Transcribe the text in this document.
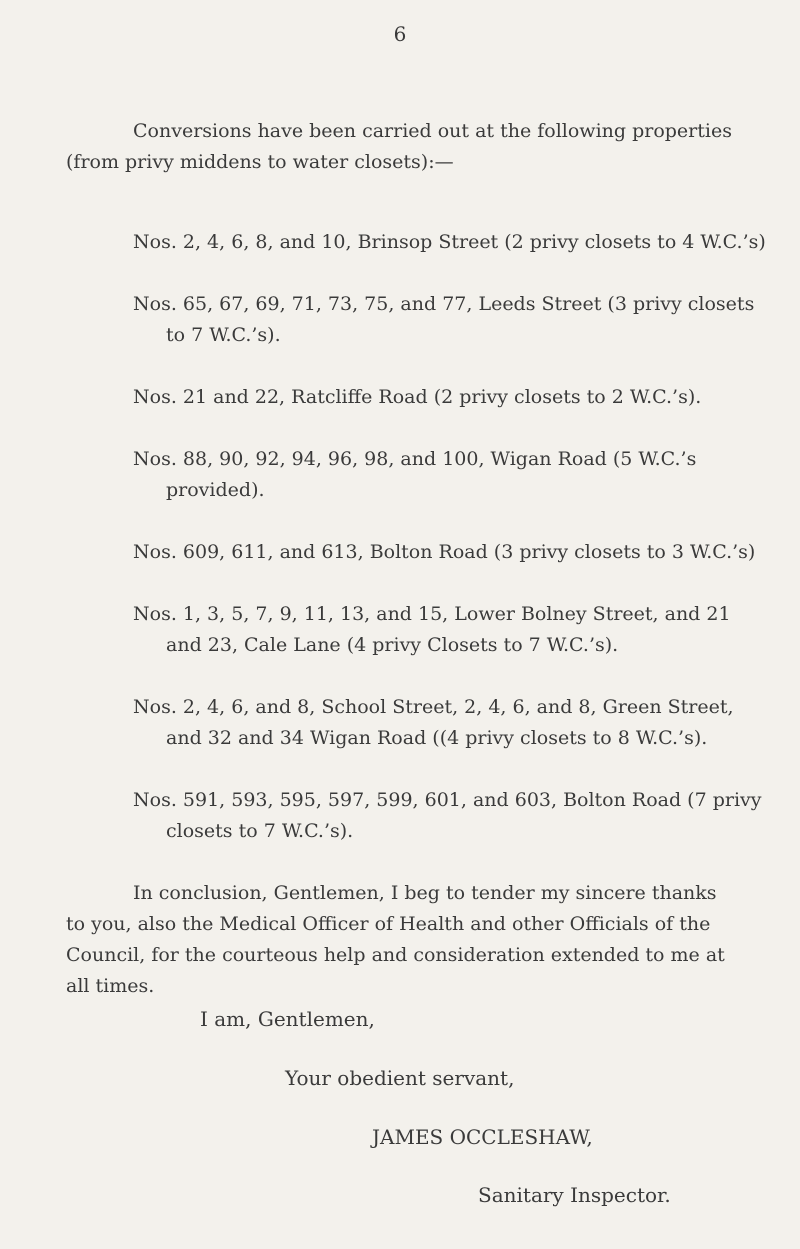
6
Conversions have been carried out at the following properties (from privy middens to water closets):—
Nos. 2, 4, 6, 8, and 10, Brinsop Street (2 privy closets to 4 W.C.’s)
Nos. 65, 67, 69, 71, 73, 75, and 77, Leeds Street (3 privy closets to 7 W.C.’s).
Nos. 21 and 22, Ratcliffe Road (2 privy closets to 2 W.C.’s).
Nos. 88, 90, 92, 94, 96, 98, and 100, Wigan Road (5 W.C.’s provided).
Nos. 609, 611, and 613, Bolton Road (3 privy closets to 3 W.C.’s)
Nos. 1, 3, 5, 7, 9, 11, 13, and 15, Lower Bolney Street, and 21 and 23, Cale Lane (4 privy Closets to 7 W.C.’s).
Nos. 2, 4, 6, and 8, School Street, 2, 4, 6, and 8, Green Street, and 32 and 34 Wigan Road ((4 privy closets to 8 W.C.’s).
Nos. 591, 593, 595, 597, 599, 601, and 603, Bolton Road (7 privy closets to 7 W.C.’s).
In conclusion, Gentlemen, I beg to tender my sincere thanks to you, also the Medical Officer of Health and other Officials of the Council, for the courteous help and consideration extended to me at all times.
I am, Gentlemen,
Your obedient servant,
JAMES OCCLESHAW,
Sanitary Inspector.
